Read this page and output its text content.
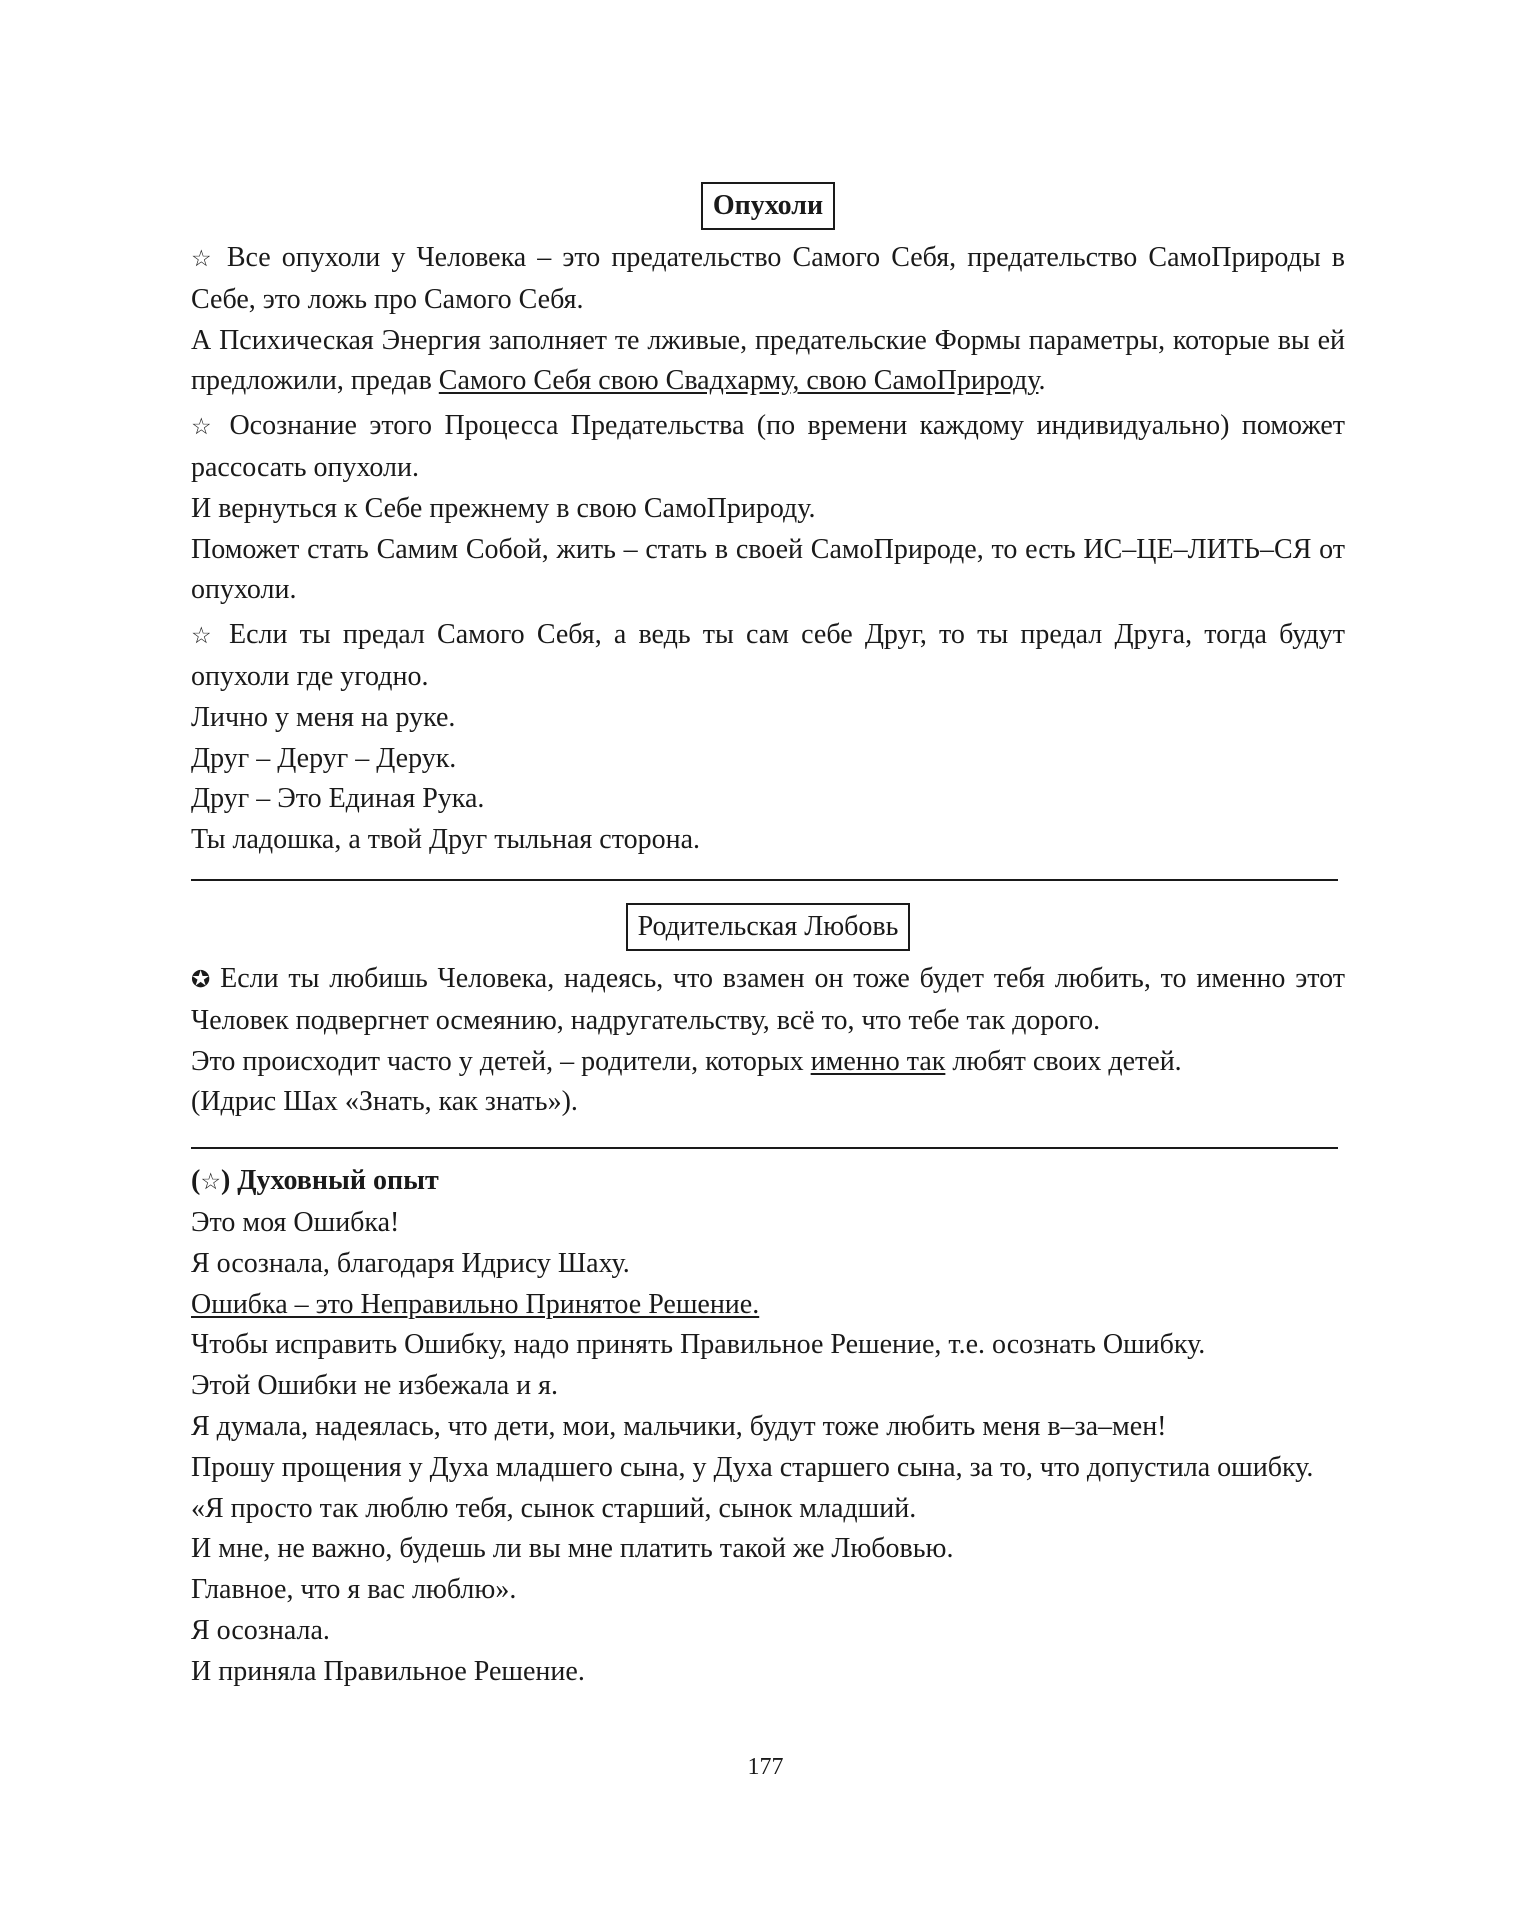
Опухоли

☆ Все опухоли у Человека – это предательство Самого Себя, предательство СамоПрироды в Себе, это ложь про Самого Себя.

А Психическая Энергия заполняет те лживые, предательские Формы параметры, которые вы ей предложили, предав Самого Себя свою Свадхарму, свою СамоПрироду.

☆ Осознание этого Процесса Предательства (по времени каждому индивидуально) поможет рассосать опухоли.

И вернуться к Себе прежнему в свою СамоПрироду.

Поможет стать Самим Собой, жить – стать в своей СамоПрироде, то есть ИС–ЦЕ–ЛИТЬ–СЯ от опухоли.

☆ Если ты предал Самого Себя, а ведь ты сам себе Друг, то ты предал Друга, тогда будут опухоли где угодно.

Лично у меня на руке.

Друг – Деруг – Дерук.

Друг – Это Единая Рука.

Ты ладошка, а твой Друг тыльная сторона.

Родительская Любовь

✪ Если ты любишь Человека, надеясь, что взамен он тоже будет тебя любить, то именно этот Человек подвергнет осмеянию, надругательству, всё то, что тебе так дорого.

Это происходит часто у детей, – родители, которых именно так любят своих детей.

(Идрис Шах «Знать, как знать»).

(☆) Духовный опыт

Это моя Ошибка!

Я осознала, благодаря Идрису Шаху.

Ошибка – это Неправильно Принятое Решение.

Чтобы исправить Ошибку, надо принять Правильное Решение, т.е. осознать Ошибку.

Этой Ошибки не избежала и я.

Я думала, надеялась, что дети, мои, мальчики, будут тоже любить меня в–за–мен!

Прошу прощения у Духа младшего сына, у Духа старшего сына, за то, что допустила ошибку.

«Я просто так люблю тебя, сынок старший, сынок младший.

И мне, не важно, будешь ли вы мне платить такой же Любовью.

Главное, что я вас люблю».

Я осознала.

И приняла Правильное Решение.

177
